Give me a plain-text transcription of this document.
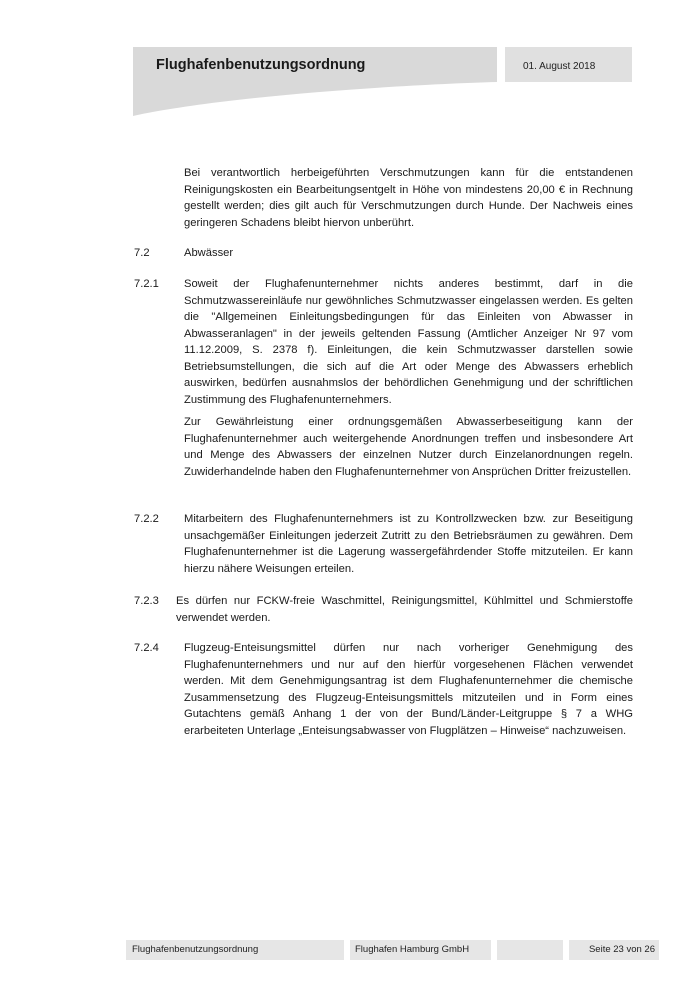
Flughafenbenutzungsordnung	01. August 2018
Bei verantwortlich herbeigeführten Verschmutzungen kann für die entstandenen Reinigungskosten ein Bearbeitungsentgelt in Höhe von mindestens 20,00 € in Rechnung gestellt werden; dies gilt auch für Verschmutzungen durch Hunde. Der Nachweis eines geringeren Schadens bleibt hiervon unberührt.
7.2	Abwässer
7.2.1 Soweit der Flughafenunternehmer nichts anderes bestimmt, darf in die Schmutzwassereinläufe nur gewöhnliches Schmutzwasser eingelassen werden. Es gelten die "Allgemeinen Einleitungsbedingungen für das Einleiten von Abwasser in Abwasseranlagen" in der jeweils geltenden Fassung (Amtlicher Anzeiger Nr 97 vom 11.12.2009, S. 2378 f). Einleitungen, die kein Schmutzwasser darstellen sowie Betriebsumstellungen, die sich auf die Art oder Menge des Abwassers erheblich auswirken, bedürfen ausnahmslos der behördlichen Genehmigung und der schriftlichen Zustimmung des Flughafenunternehmers.
Zur Gewährleistung einer ordnungsgemäßen Abwasserbeseitigung kann der Flughafenunternehmer auch weitergehende Anordnungen treffen und insbesondere Art und Menge des Abwassers der einzelnen Nutzer durch Einzelanordnungen regeln. Zuwiderhandelnde haben den Flughafenunternehmer von Ansprüchen Dritter freizustellen.
7.2.2 Mitarbeitern des Flughafenunternehmers ist zu Kontrollzwecken bzw. zur Beseitigung unsachgemäßer Einleitungen jederzeit Zutritt zu den Betriebsräumen zu gewähren. Dem Flughafenunternehmer ist die Lagerung wassergefährdender Stoffe mitzuteilen. Er kann hierzu nähere Weisungen erteilen.
7.2.3 Es dürfen nur FCKW-freie Waschmittel, Reinigungsmittel, Kühlmittel und Schmierstoffe verwendet werden.
7.2.4 Flugzeug-Enteisungsmittel dürfen nur nach vorheriger Genehmigung des Flughafenunternehmers und nur auf den hierfür vorgesehenen Flächen verwendet werden. Mit dem Genehmigungsantrag ist dem Flughafenunternehmer die chemische Zusammensetzung des Flugzeug-Enteisungsmittels mitzuteilen und in Form eines Gutachtens gemäß Anhang 1 der von der Bund/Länder-Leitgruppe § 7 a WHG erarbeiteten Unterlage „Enteisungsabwasser von Flugplätzen – Hinweise“ nachzuweisen.
Flughafenbenutzungsordnung	Flughafen Hamburg GmbH	Seite 23 von 26
